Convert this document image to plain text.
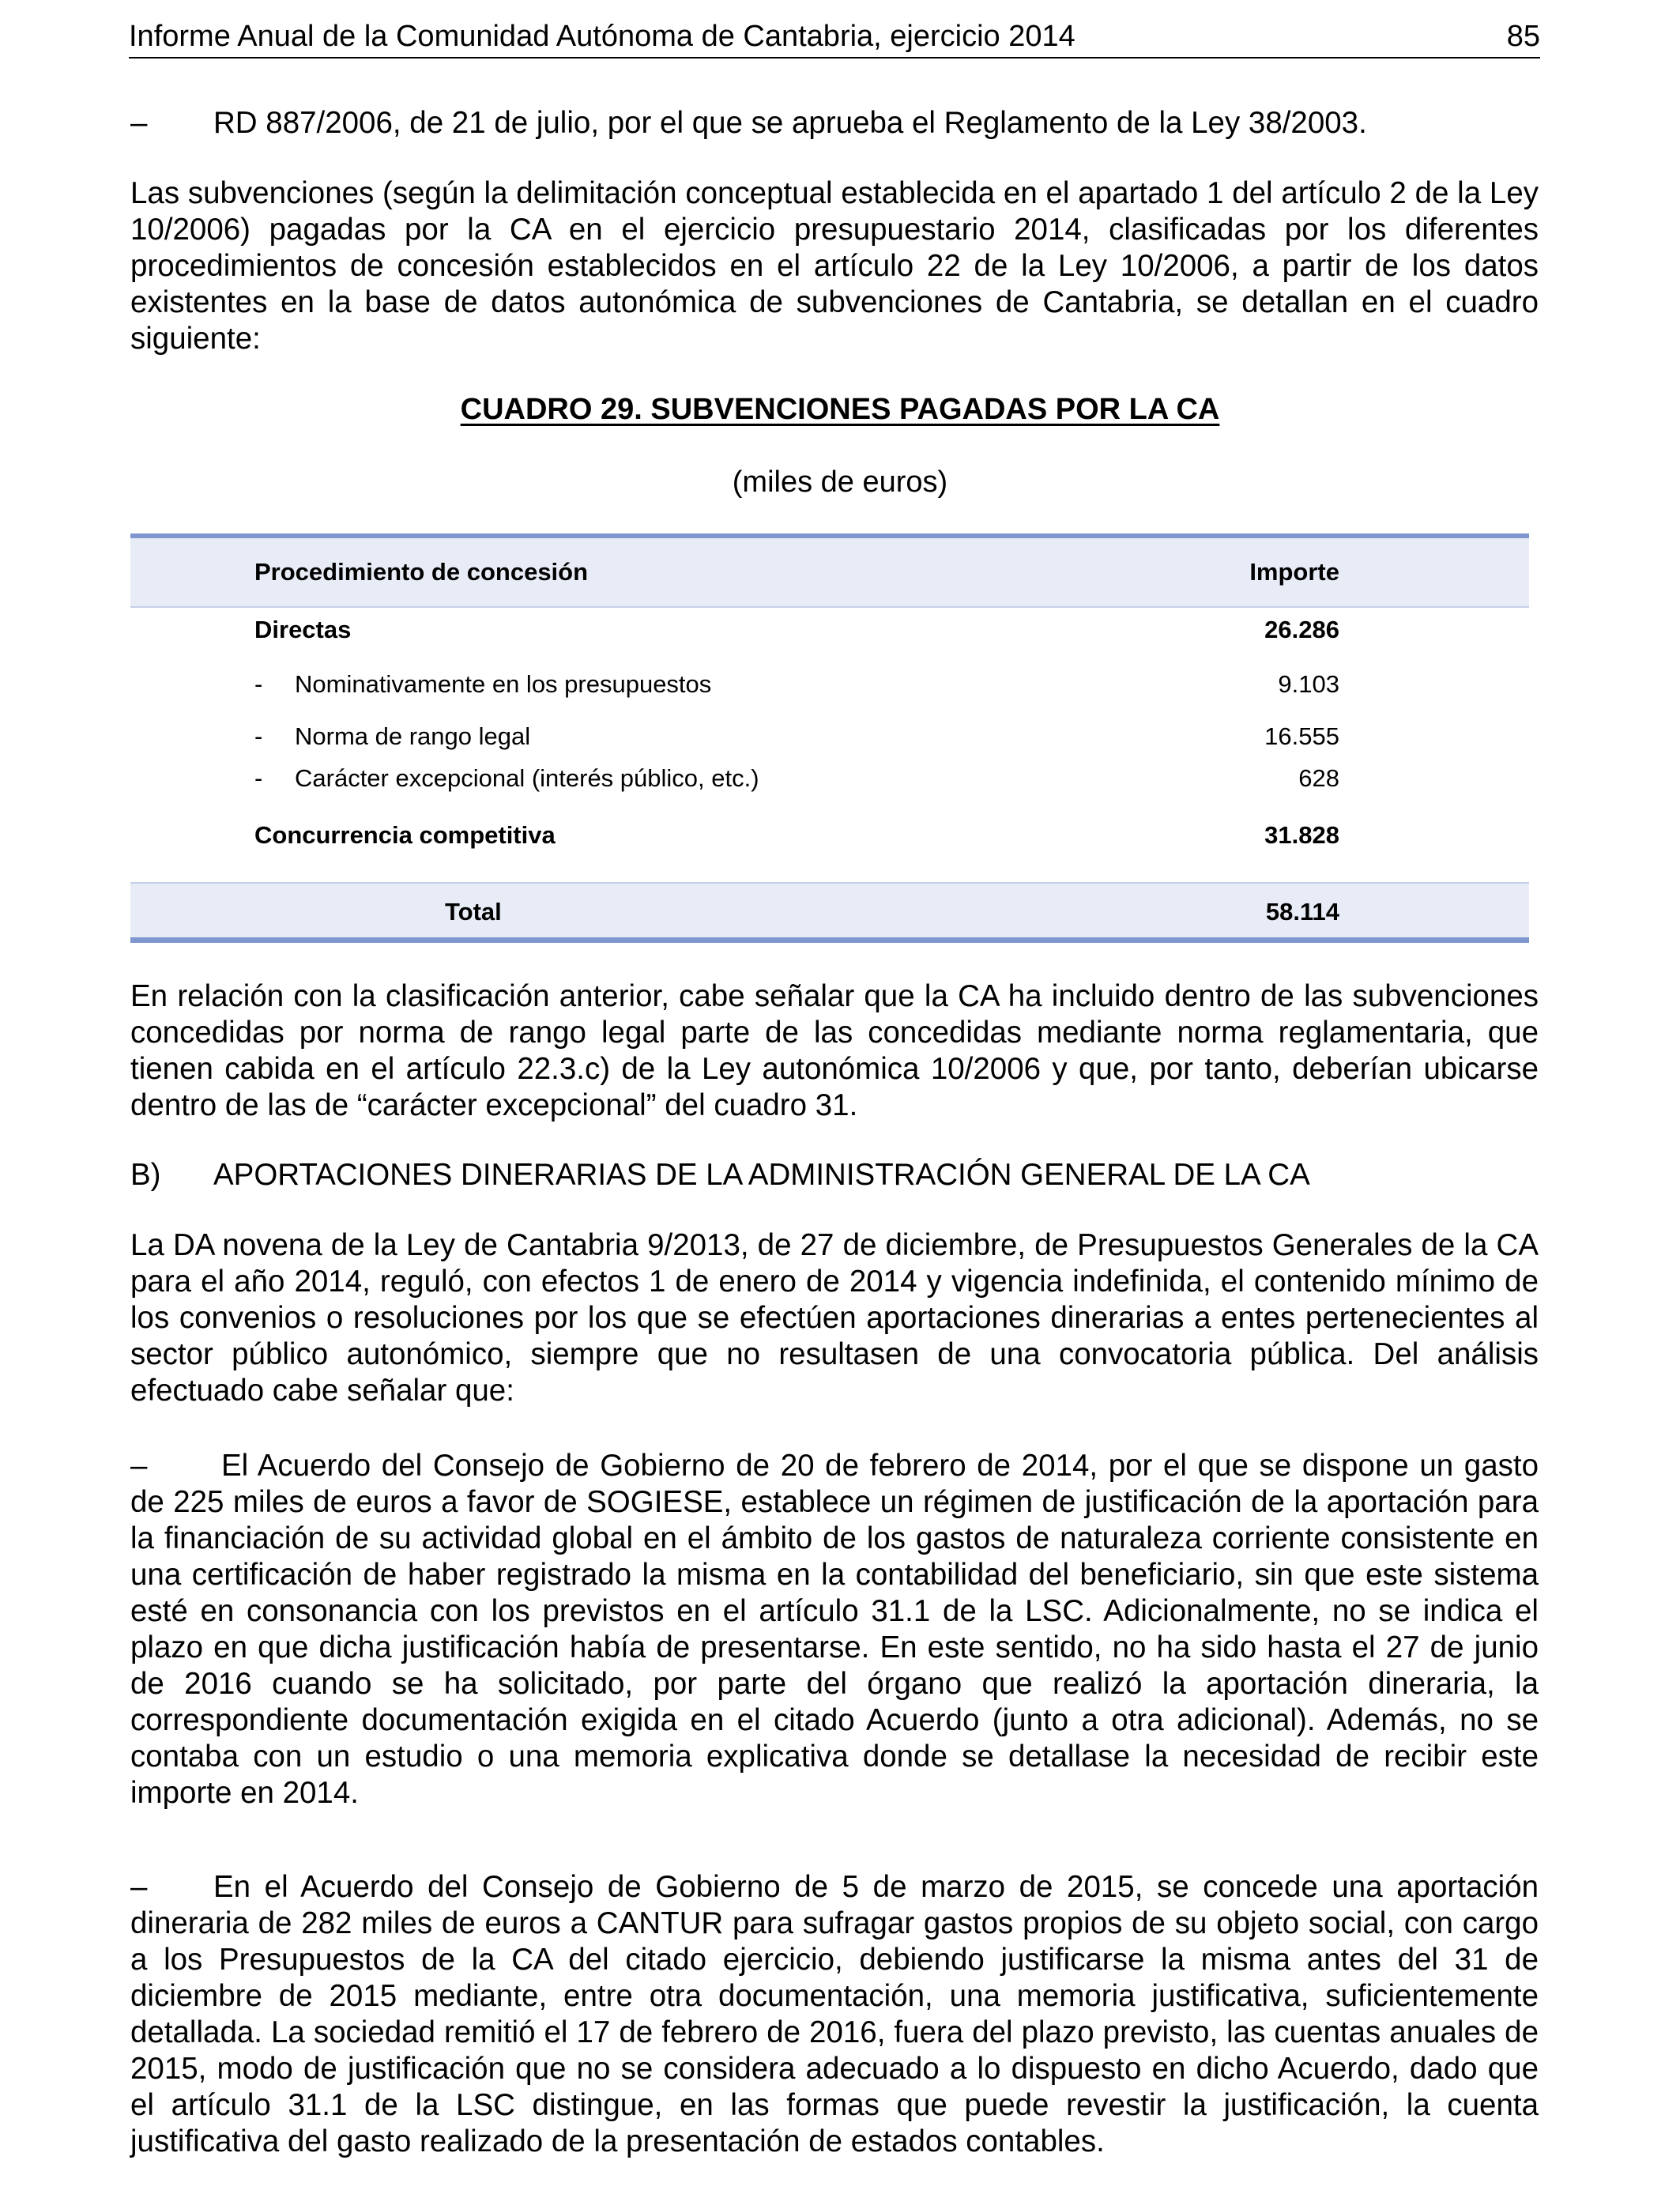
Informe Anual de la Comunidad Autónoma de Cantabria, ejercicio 2014	85

– RD 887/2006, de 21 de julio, por el que se aprueba el Reglamento de la Ley 38/2003.

Las subvenciones (según la delimitación conceptual establecida en el apartado 1 del artículo 2 de la Ley 10/2006) pagadas por la CA en el ejercicio presupuestario 2014, clasificadas por los diferentes procedimientos de concesión establecidos en el artículo 22 de la Ley 10/2006, a partir de los datos existentes en la base de datos autonómica de subvenciones de Cantabria, se detallan en el cuadro siguiente:

CUADRO 29. SUBVENCIONES PAGADAS POR LA CA
(miles de euros)
Procedimiento de concesión	Importe
Directas	26.286
- Nominativamente en los presupuestos	9.103
- Norma de rango legal	16.555
- Carácter excepcional (interés público, etc.)	628
Concurrencia competitiva	31.828
Total	58.114

En relación con la clasificación anterior, cabe señalar que la CA ha incluido dentro de las subvenciones concedidas por norma de rango legal parte de las concedidas mediante norma reglamentaria, que tienen cabida en el artículo 22.3.c) de la Ley autonómica 10/2006 y que, por tanto, deberían ubicarse dentro de las de “carácter excepcional” del cuadro 31.

B) APORTACIONES DINERARIAS DE LA ADMINISTRACIÓN GENERAL DE LA CA

La DA novena de la Ley de Cantabria 9/2013, de 27 de diciembre, de Presupuestos Generales de la CA para el año 2014, reguló, con efectos 1 de enero de 2014 y vigencia indefinida, el contenido mínimo de los convenios o resoluciones por los que se efectúen aportaciones dinerarias a entes pertenecientes al sector público autonómico, siempre que no resultasen de una convocatoria pública. Del análisis efectuado cabe señalar que:

– El Acuerdo del Consejo de Gobierno de 20 de febrero de 2014, por el que se dispone un gasto de 225 miles de euros a favor de SOGIESE, establece un régimen de justificación de la aportación para la financiación de su actividad global en el ámbito de los gastos de naturaleza corriente consistente en una certificación de haber registrado la misma en la contabilidad del beneficiario, sin que este sistema esté en consonancia con los previstos en el artículo 31.1 de la LSC. Adicionalmente, no se indica el plazo en que dicha justificación había de presentarse. En este sentido, no ha sido hasta el 27 de junio de 2016 cuando se ha solicitado, por parte del órgano que realizó la aportación dineraria, la correspondiente documentación exigida en el citado Acuerdo (junto a otra adicional). Además, no se contaba con un estudio o una memoria explicativa donde se detallase la necesidad de recibir este importe en 2014.

– En el Acuerdo del Consejo de Gobierno de 5 de marzo de 2015, se concede una aportación dineraria de 282 miles de euros a CANTUR para sufragar gastos propios de su objeto social, con cargo a los Presupuestos de la CA del citado ejercicio, debiendo justificarse la misma antes del 31 de diciembre de 2015 mediante, entre otra documentación, una memoria justificativa, suficientemente detallada. La sociedad remitió el 17 de febrero de 2016, fuera del plazo previsto, las cuentas anuales de 2015, modo de justificación que no se considera adecuado a lo dispuesto en dicho Acuerdo, dado que el artículo 31.1 de la LSC distingue, en las formas que puede revestir la justificación, la cuenta justificativa del gasto realizado de la presentación de estados contables.
